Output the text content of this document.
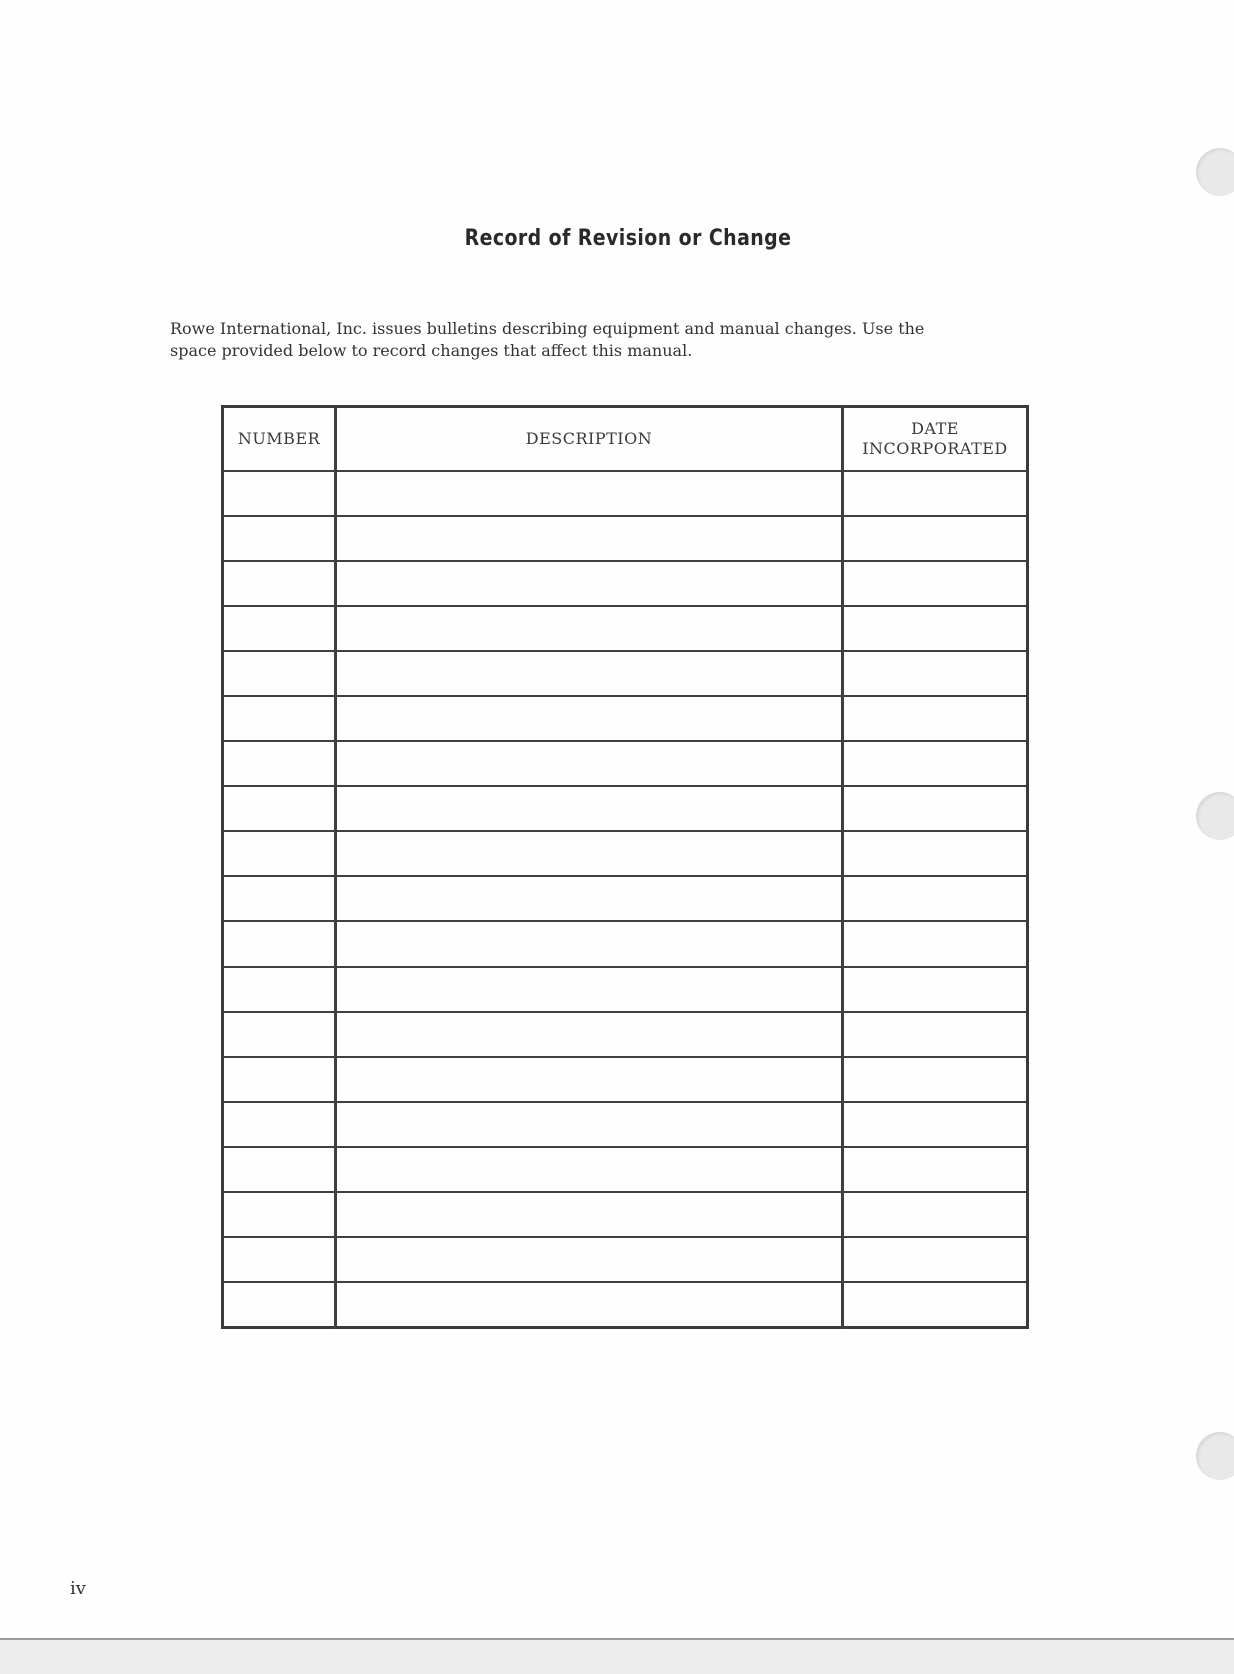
Record of Revision or Change

Rowe International, Inc. issues bulletins describing equipment and manual changes. Use the

space provided below to record changes that affect this manual.

NUMBER	DESCRIPTION	DATE
INCORPORATED

iv
